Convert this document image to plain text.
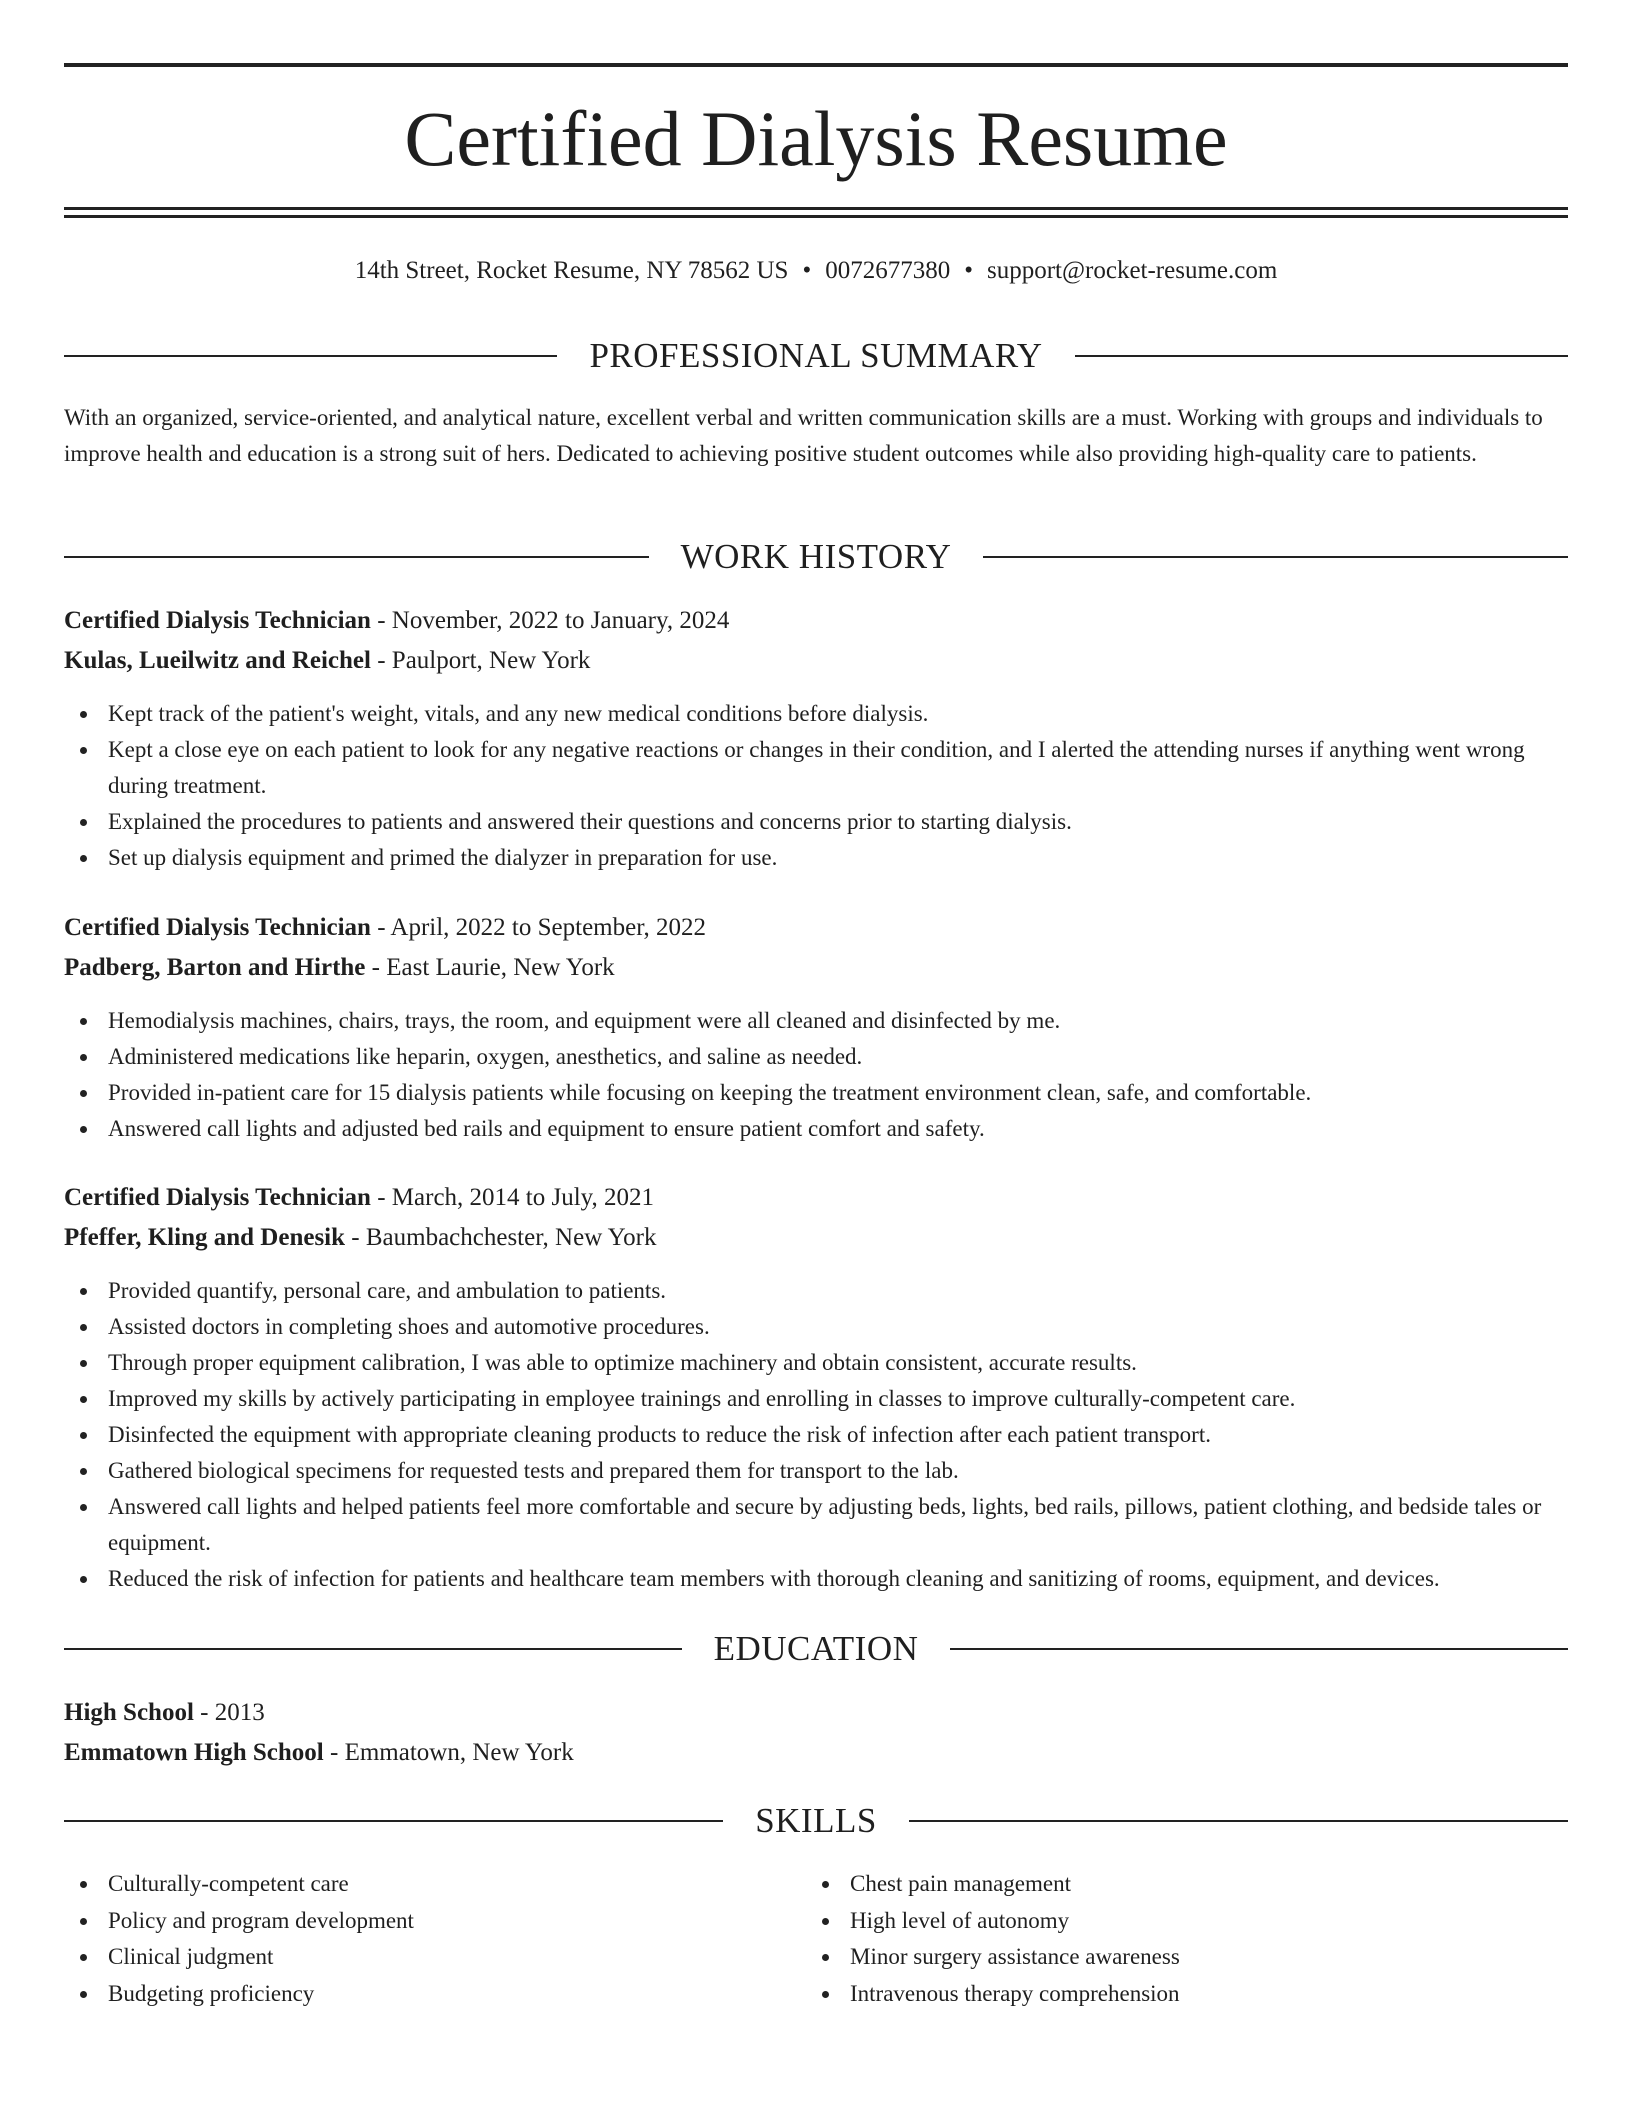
Certified Dialysis Resume
14th Street, Rocket Resume, NY 78562 US • 0072677380 • support@rocket-resume.com
PROFESSIONAL SUMMARY
With an organized, service-oriented, and analytical nature, excellent verbal and written communication skills are a must. Working with groups and individuals to improve health and education is a strong suit of hers. Dedicated to achieving positive student outcomes while also providing high-quality care to patients.
WORK HISTORY
Certified Dialysis Technician - November, 2022 to January, 2024
Kulas, Lueilwitz and Reichel - Paulport, New York
Kept track of the patient's weight, vitals, and any new medical conditions before dialysis.
Kept a close eye on each patient to look for any negative reactions or changes in their condition, and I alerted the attending nurses if anything went wrong during treatment.
Explained the procedures to patients and answered their questions and concerns prior to starting dialysis.
Set up dialysis equipment and primed the dialyzer in preparation for use.
Certified Dialysis Technician - April, 2022 to September, 2022
Padberg, Barton and Hirthe - East Laurie, New York
Hemodialysis machines, chairs, trays, the room, and equipment were all cleaned and disinfected by me.
Administered medications like heparin, oxygen, anesthetics, and saline as needed.
Provided in-patient care for 15 dialysis patients while focusing on keeping the treatment environment clean, safe, and comfortable.
Answered call lights and adjusted bed rails and equipment to ensure patient comfort and safety.
Certified Dialysis Technician - March, 2014 to July, 2021
Pfeffer, Kling and Denesik - Baumbachchester, New York
Provided quantify, personal care, and ambulation to patients.
Assisted doctors in completing shoes and automotive procedures.
Through proper equipment calibration, I was able to optimize machinery and obtain consistent, accurate results.
Improved my skills by actively participating in employee trainings and enrolling in classes to improve culturally-competent care.
Disinfected the equipment with appropriate cleaning products to reduce the risk of infection after each patient transport.
Gathered biological specimens for requested tests and prepared them for transport to the lab.
Answered call lights and helped patients feel more comfortable and secure by adjusting beds, lights, bed rails, pillows, patient clothing, and bedside tales or equipment.
Reduced the risk of infection for patients and healthcare team members with thorough cleaning and sanitizing of rooms, equipment, and devices.
EDUCATION
High School - 2013
Emmatown High School - Emmatown, New York
SKILLS
Culturally-competent care
Policy and program development
Clinical judgment
Budgeting proficiency
Chest pain management
High level of autonomy
Minor surgery assistance awareness
Intravenous therapy comprehension
